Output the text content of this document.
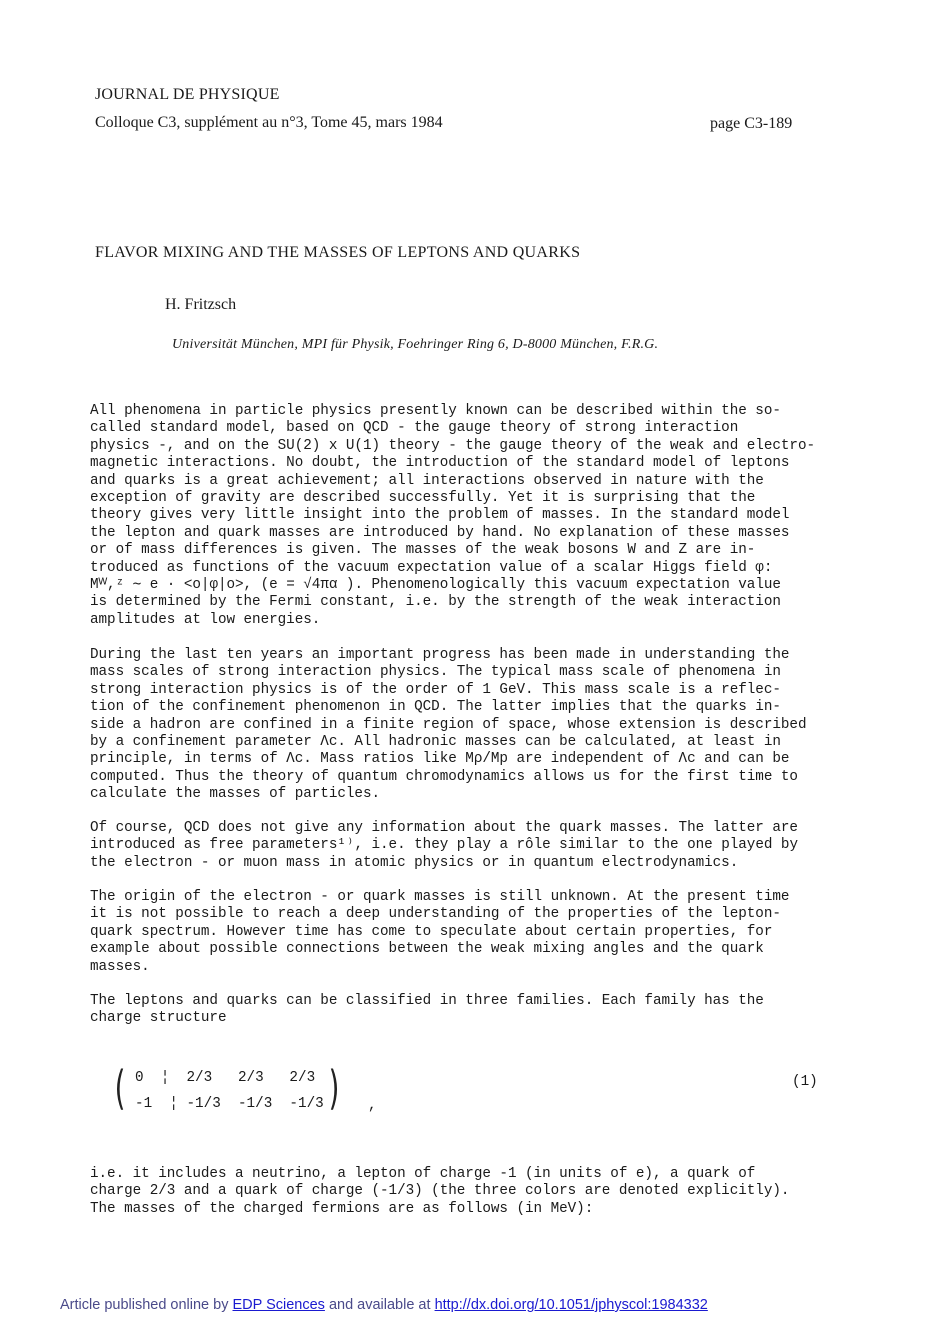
JOURNAL DE PHYSIQUE
Colloque C3, supplément au n°3, Tome 45, mars 1984	page C3-189
FLAVOR MIXING AND THE MASSES OF LEPTONS AND QUARKS
H. Fritzsch
Universität München, MPI für Physik, Foehringer Ring 6, D-8000 München, F.R.G.
All phenomena in particle physics presently known can be described within the so-
called standard model, based on QCD - the gauge theory of strong interaction
physics -, and on the SU(2) x U(1) theory - the gauge theory of the weak and electro-
magnetic interactions. No doubt, the introduction of the standard model of leptons
and quarks is a great achievement; all interactions observed in nature with the
exception of gravity are described successfully. Yet it is surprising that the
theory gives very little insight into the problem of masses. In the standard model
the lepton and quark masses are introduced by hand. No explanation of these masses
or of mass differences is given. The masses of the weak bosons W and Z are in-
troduced as functions of the vacuum expectation value of a scalar Higgs field φ:
Mᵂ,ᶻ ∼ e · <o|φ|o>, (e = √4πα ). Phenomenologically this vacuum expectation value
is determined by the Fermi constant, i.e. by the strength of the weak interaction
amplitudes at low energies.
During the last ten years an important progress has been made in understanding the
mass scales of strong interaction physics. The typical mass scale of phenomena in
strong interaction physics is of the order of 1 GeV. This mass scale is a reflec-
tion of the confinement phenomenon in QCD. The latter implies that the quarks in-
side a hadron are confined in a finite region of space, whose extension is described
by a confinement parameter Λc. All hadronic masses can be calculated, at least in
principle, in terms of Λc. Mass ratios like Mρ/Mp are independent of Λc and can be
computed. Thus the theory of quantum chromodynamics allows us for the first time to
calculate the masses of particles.
Of course, QCD does not give any information about the quark masses. The latter are
introduced as free parameters¹⁾, i.e. they play a rôle similar to the one played by
the electron - or muon mass in atomic physics or in quantum electrodynamics.
The origin of the electron - or quark masses is still unknown. At the present time
it is not possible to reach a deep understanding of the properties of the lepton-
quark spectrum. However time has come to speculate about certain properties, for
example about possible connections between the weak mixing angles and the quark
masses.
The leptons and quarks can be classified in three families. Each family has the
charge structure
( 0  ¦  2/3   2/3   2/3
-1  ¦ -1/3  -1/3  -1/3 ) ,
(1)
i.e. it includes a neutrino, a lepton of charge -1 (in units of e), a quark of
charge 2/3 and a quark of charge (-1/3) (the three colors are denoted explicitly).
The masses of the charged fermions are as follows (in MeV):
Article published online by EDP Sciences and available at http://dx.doi.org/10.1051/jphyscol:1984332
